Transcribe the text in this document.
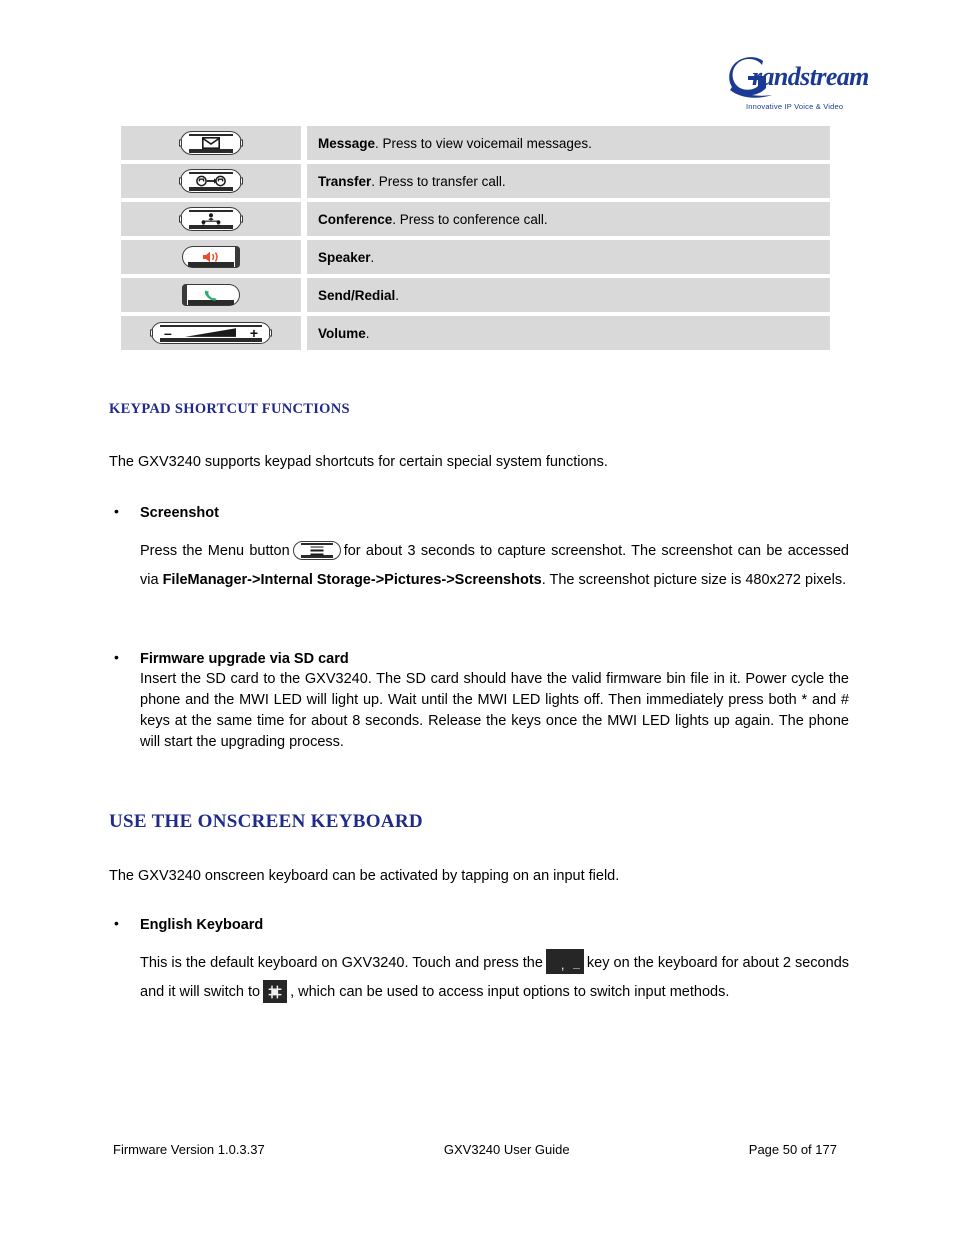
randstream
Innovative IP Voice & Video
Message . Press to view voicemail messages.
Transfer . Press to transfer call.
Conference . Press to conference call.
Speaker .
Send/Redial .
–	+	Volume .
KEYPAD SHORTCUT FUNCTIONS
The GXV3240 supports keypad shortcuts for certain special system functions.
• Screenshot
Press the Menu button	for about 3 seconds to capture screenshot. The screenshot can be accessed via FileManager->Internal Storage->Pictures->Screenshots. The screenshot picture size is 480x272 pixels.
• Firmware upgrade via SD card
Insert the SD card to the GXV3240. The SD card should have the valid firmware bin file in it. Power cycle the phone and the MWI LED will light up. Wait until the MWI LED lights off. Then immediately press both * and # keys at the same time for about 8 seconds. Release the keys once the MWI LED lights up again. The phone will start the upgrading process.
USE THE ONSCREEN KEYBOARD
The GXV3240 onscreen keyboard can be activated by tapping on an input field.
• English Keyboard
This is the default keyboard on GXV3240. Touch and press the , key on the keyboard for about 2 seconds and it will switch to , which can be used to access input options to switch input methods.
Firmware Version 1.0.3.37	GXV3240 User Guide	Page 50 of 177
